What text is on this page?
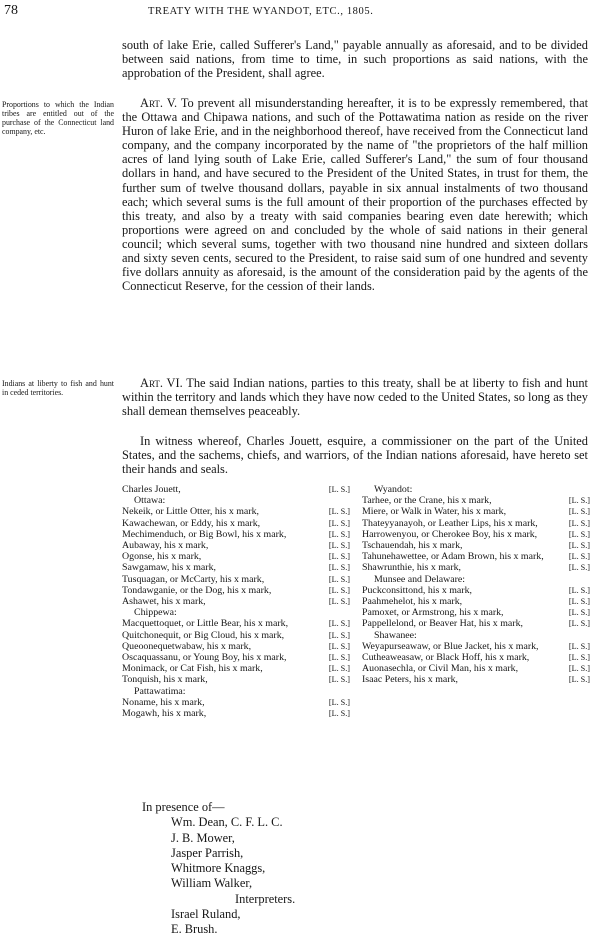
78	TREATY WITH THE WYANDOT, ETC., 1805.

south of lake Erie, called Sufferer's Land," payable annually as aforesaid, and to be divided between said nations, from time to time, in such proportions as said nations, with the approbation of the President, shall agree.

Proportions to which the Indian tribes are entitled out of the purchase of the Connecticut land company, etc.

Art. V. To prevent all misunderstanding hereafter, it is to be expressly remembered, that the Ottawa and Chipawa nations, and such of the Pottawatima nation as reside on the river Huron of lake Erie, and in the neighborhood thereof, have received from the Connecticut land company, and the company incorporated by the name of "the proprietors of the half million acres of land lying south of Lake Erie, called Sufferer's Land," the sum of four thousand dollars in hand, and have secured to the President of the United States, in trust for them, the further sum of twelve thousand dollars, payable in six annual instalments of two thousand each; which several sums is the full amount of their proportion of the purchases effected by this treaty, and also by a treaty with said companies bearing even date herewith; which proportions were agreed on and concluded by the whole of said nations in their general council; which several sums, together with two thousand nine hundred and sixteen dollars and sixty seven cents, secured to the President, to raise said sum of one hundred and seventy five dollars annuity as aforesaid, is the amount of the consideration paid by the agents of the Connecticut Reserve, for the cession of their lands.

Indians at liberty to fish and hunt in ceded territories.

Art. VI. The said Indian nations, parties to this treaty, shall be at liberty to fish and hunt within the territory and lands which they have now ceded to the United States, so long as they shall demean themselves peaceably.

In witness whereof, Charles Jouett, esquire, a commissioner on the part of the United States, and the sachems, chiefs, and warriors, of the Indian nations aforesaid, have hereto set their hands and seals.

Charles Jouett,	[L. S.]
Ottawa:
Nekeik, or Little Otter, his x mark,	[L. S.]
Kawachewan, or Eddy, his x mark,	[L. S.]
Mechimenduch, or Big Bowl, his x mark,	[L. S.]
Aubaway, his x mark,	[L. S.]
Ogonse, his x mark,	[L. S.]
Sawgamaw, his x mark,	[L. S.]
Tusquagan, or McCarty, his x mark,	[L. S.]
Tondawganie, or the Dog, his x mark,	[L. S.]
Ashawet, his x mark,	[L. S.]
Chippewa:
Macquettoquet, or Little Bear, his x mark,	[L. S.]
Quitchonequit, or Big Cloud, his x mark,	[L. S.]
Queoonequetwabaw, his x mark,	[L. S.]
Oscaquassanu, or Young Boy, his x mark,	[L. S.]
Monimack, or Cat Fish, his x mark,	[L. S.]
Tonquish, his x mark,	[L. S.]
Pattawatima:
Noname, his x mark,	[L. S.]
Mogawh, his x mark,	[L. S.]
Wyandot:
Tarhee, or the Crane, his x mark,	[L. S.]
Miere, or Walk in Water, his x mark,	[L. S.]
Thateyyanayoh, or Leather Lips, his x mark,	[L. S.]
Harrowenyou, or Cherokee Boy, his x mark,	[L. S.]
Tschauendah, his x mark,	[L. S.]
Tahunehawettee, or Adam Brown, his x mark,	[L. S.]
Shawrunthie, his x mark,	[L. S.]
Munsee and Delaware:
Puckconsittond, his x mark,	[L. S.]
Paahmehelot, his x mark,	[L. S.]
Pamoxet, or Armstrong, his x mark,	[L. S.]
Pappellelond, or Beaver Hat, his x mark,	[L. S.]
Shawanee:
Weyapurseawaw, or Blue Jacket, his x mark,	[L. S.]
Cutheaweasaw, or Black Hoff, his x mark,	[L. S.]
Auonasechla, or Civil Man, his x mark,	[L. S.]
Isaac Peters, his x mark,	[L. S.]
In presence of—
Wm. Dean, C. F. L. C.
J. B. Mower,
Jasper Parrish,
Whitmore Knaggs,
William Walker,
Interpreters.
Israel Ruland,
E. Brush.
